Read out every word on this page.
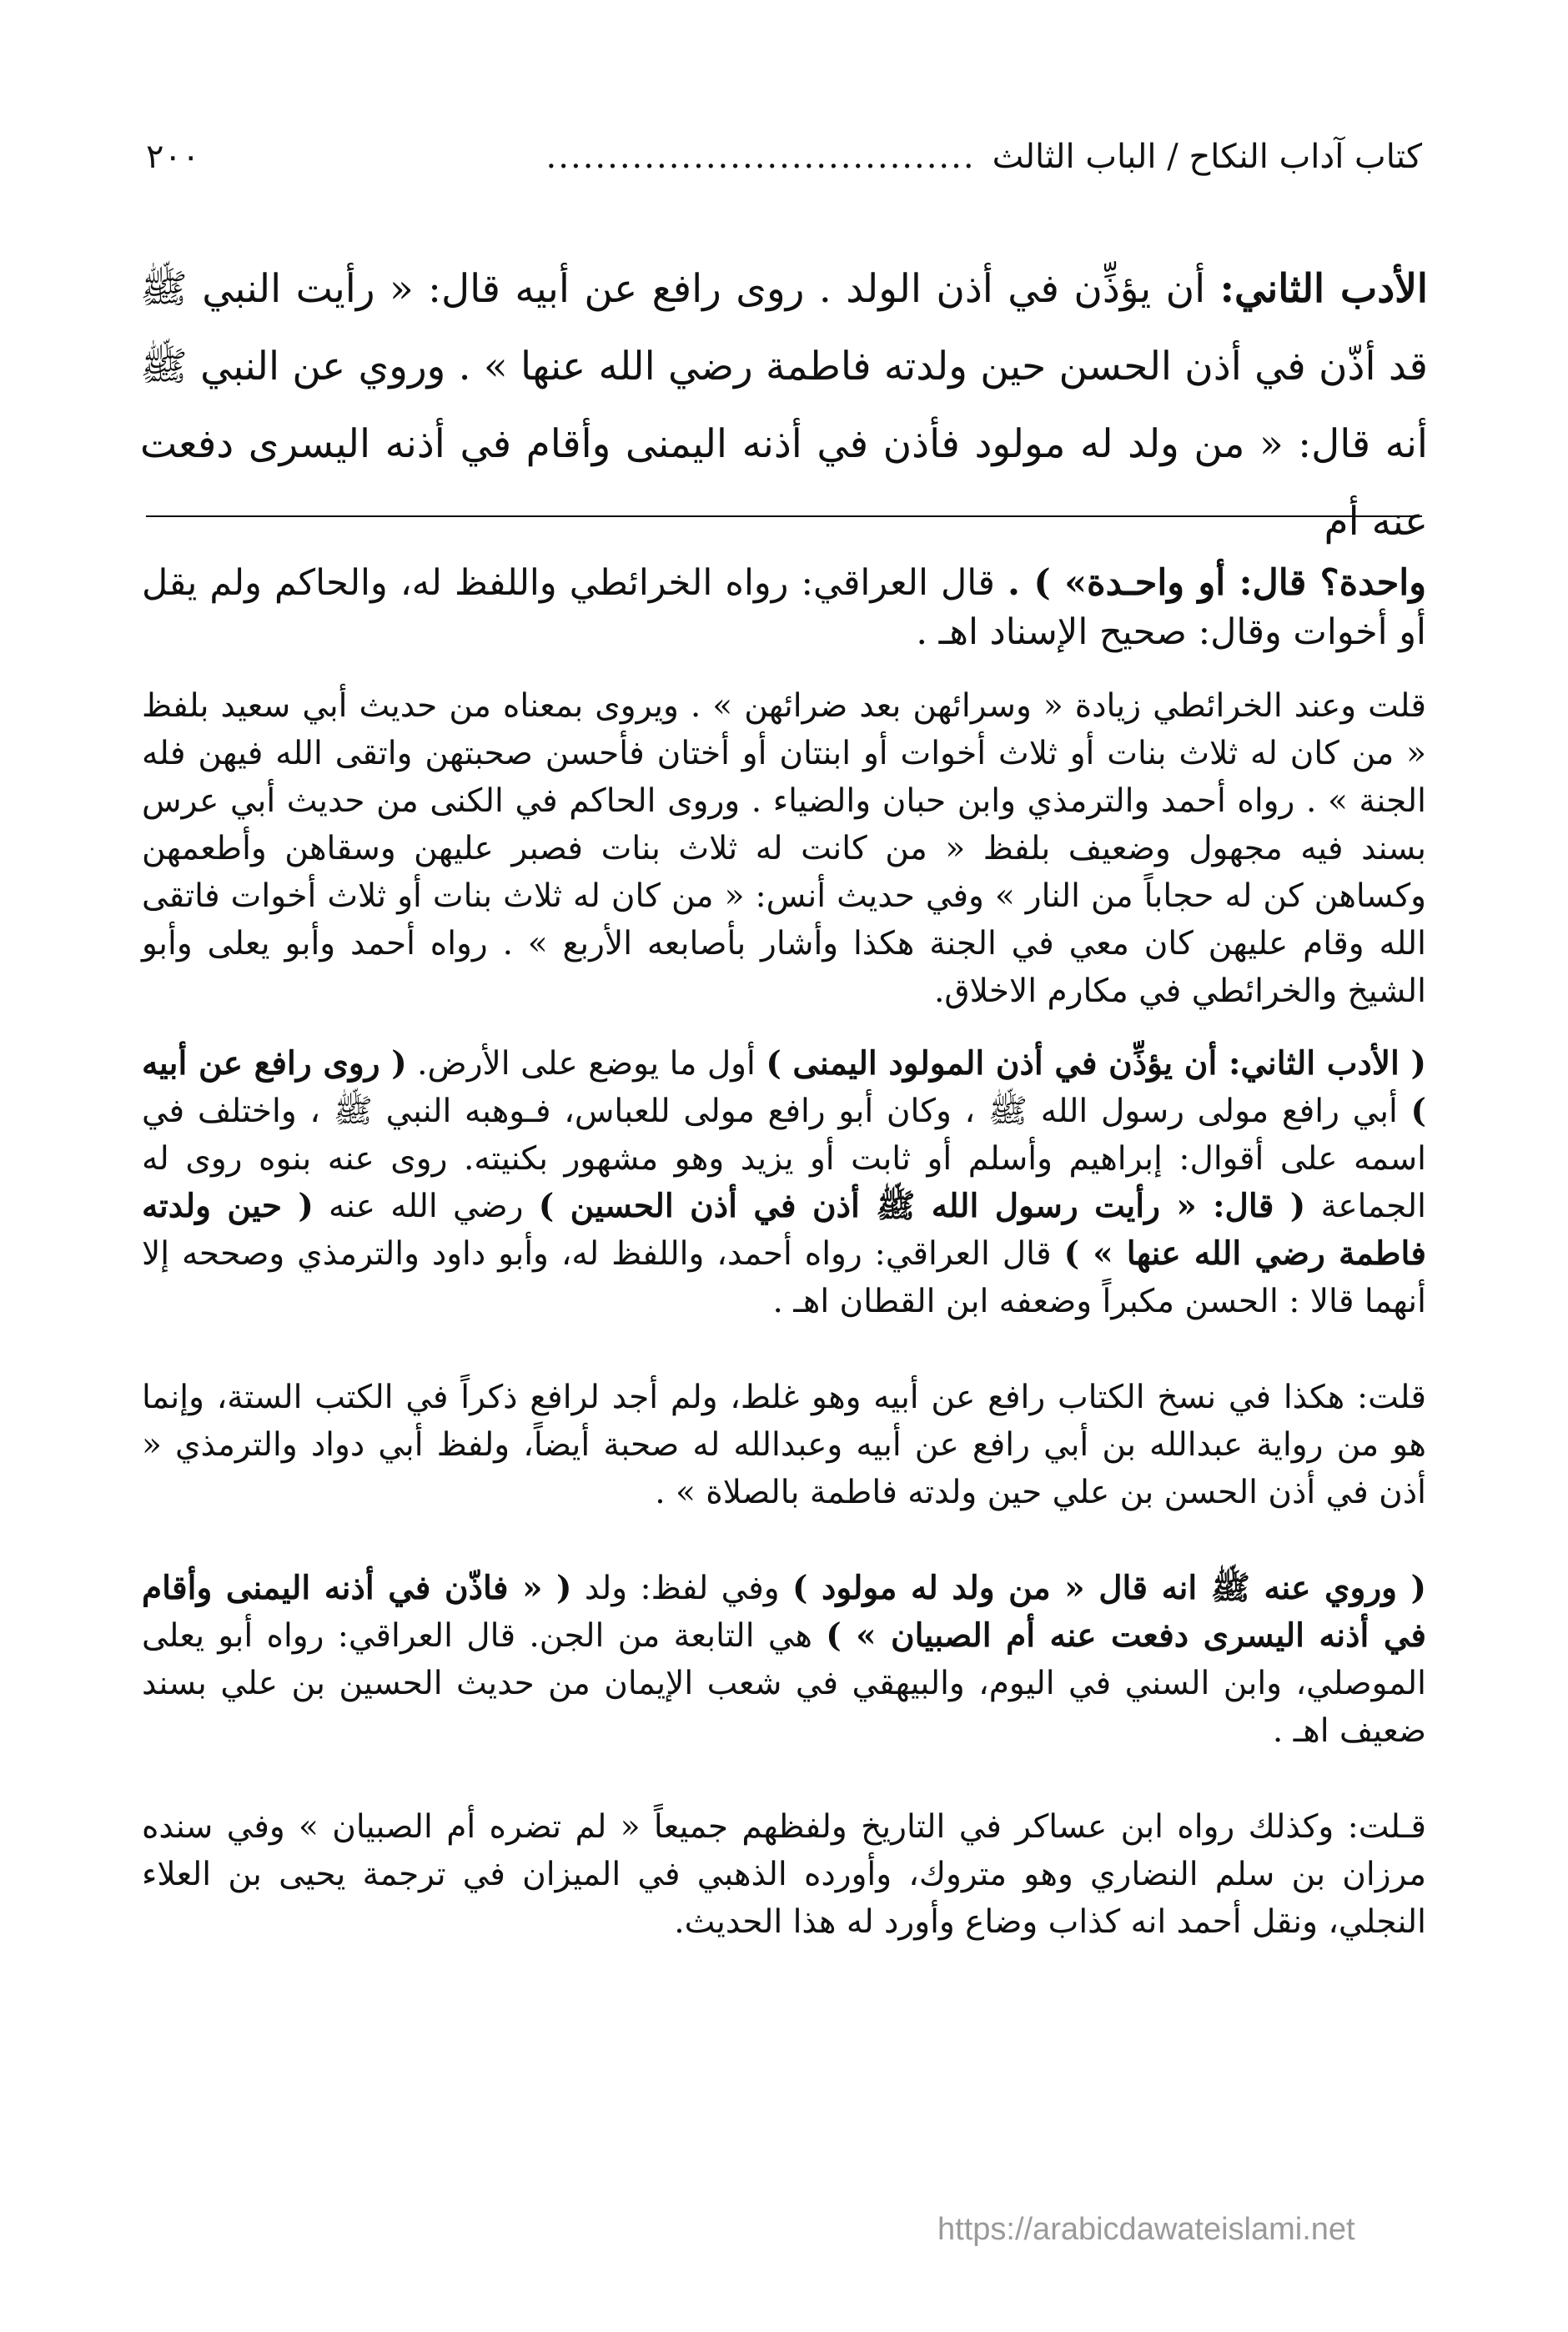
كتاب آداب النكاح / الباب الثالث
...................................
٢٠٠
الأدب الثاني: أن يؤذِّن في أذن الولد . روى رافع عن أبيه قال: « رأيت النبي ﷺ قد أذّن في أذن الحسن حين ولدته فاطمة رضي الله عنها » . وروي عن النبي ﷺ أنه قال: « من ولد له مولود فأذن في أذنه اليمنى وأقام في أذنه اليسرى دفعت عنه أم

واحدة؟ قال: أو واحـدة» ) . قال العراقي: رواه الخرائطي واللفظ له، والحاكم ولم يقل أو أخوات وقال: صحيح الإسناد اهـ .

قلت وعند الخرائطي زيادة « وسرائهن بعد ضرائهن » . ويروى بمعناه من حديث أبي سعيد بلفظ « من كان له ثلاث بنات أو ثلاث أخوات أو ابنتان أو أختان فأحسن صحبتهن واتقى الله فيهن فله الجنة » . رواه أحمد والترمذي وابن حبان والضياء . وروى الحاكم في الكنى من حديث أبي عرس بسند فيه مجهول وضعيف بلفظ « من كانت له ثلاث بنات فصبر عليهن وسقاهن وأطعمهن وكساهن كن له حجاباً من النار » وفي حديث أنس: « من كان له ثلاث بنات أو ثلاث أخوات فاتقى الله وقام عليهن كان معي في الجنة هكذا وأشار بأصابعه الأربع » . رواه أحمد وأبو يعلى وأبو الشيخ والخرائطي في مكارم الاخلاق.

( الأدب الثاني: أن يؤذِّن في أذن المولود اليمنى ) أول ما يوضع على الأرض. ( روى رافع عن أبيه ) أبي رافع مولى رسول الله ﷺ ، وكان أبو رافع مولى للعباس، فـوهبه النبي ﷺ ، واختلف في اسمه على أقوال: إبراهيم وأسلم أو ثابت أو يزيد وهو مشهور بكنيته. روى عنه بنوه روى له الجماعة ( قال: « رأيت رسول الله ﷺ أذن في أذن الحسين ) رضي الله عنه ( حين ولدته فاطمة رضي الله عنها » ) قال العراقي: رواه أحمد، واللفظ له، وأبو داود والترمذي وصححه إلا أنهما قالا : الحسن مكبراً وضعفه ابن القطان اهـ .

قلت: هكذا في نسخ الكتاب رافع عن أبيه وهو غلط، ولم أجد لرافع ذكراً في الكتب الستة، وإنما هو من رواية عبدالله بن أبي رافع عن أبيه وعبدالله له صحبة أيضاً، ولفظ أبي دواد والترمذي « أذن في أذن الحسن بن علي حين ولدته فاطمة بالصلاة » .

( وروي عنه ﷺ انه قال « من ولد له مولود ) وفي لفظ: ولد ( « فاذّن في أذنه اليمنى وأقام في أذنه اليسرى دفعت عنه أم الصبيان » ) هي التابعة من الجن. قال العراقي: رواه أبو يعلى الموصلي، وابن السني في اليوم، والبيهقي في شعب الإيمان من حديث الحسين بن علي بسند ضعيف اهـ .

قـلت: وكذلك رواه ابن عساكر في التاريخ ولفظهم جميعاً « لم تضره أم الصبيان » وفي سنده مرزان بن سلم النضاري وهو متروك، وأورده الذهبي في الميزان في ترجمة يحيى بن العلاء النجلي، ونقل أحمد انه كذاب وضاع وأورد له هذا الحديث.

https://arabicdawateislami.net
